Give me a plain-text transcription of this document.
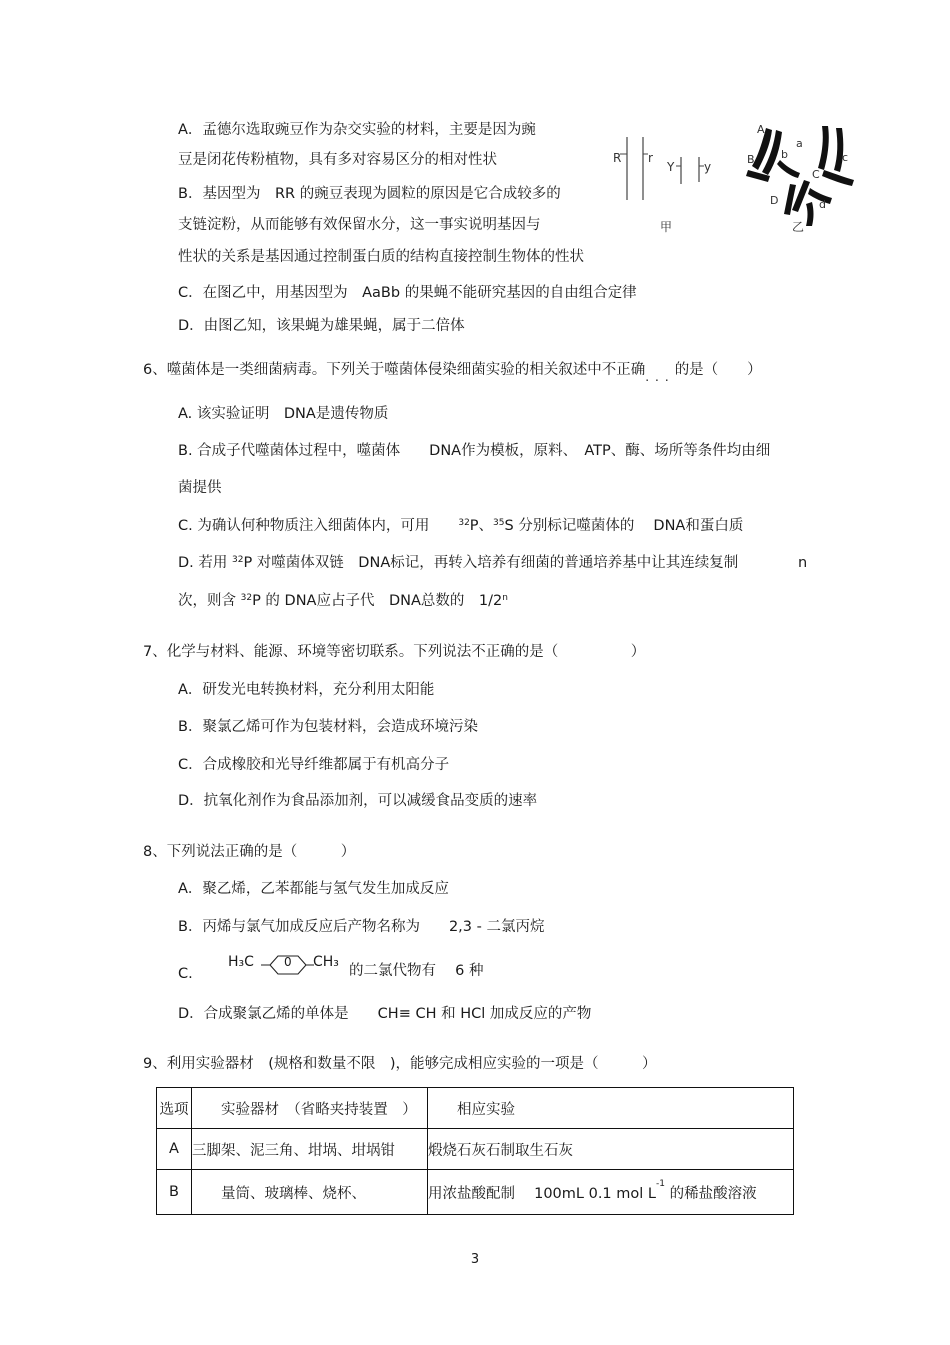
A．孟德尔选取豌豆作为杂交实验的材料，主要是因为豌
豆是闭花传粉植物，具有多对容易区分的相对性状
B．基因型为　RR 的豌豆表现为圆粒的原因是它合成较多的
支链淀粉，从而能够有效保留水分，这一事实说明基因与
性状的关系是基因通过控制蛋白质的结构直接控制生物体的性状
C．在图乙中，用基因型为　AaBb 的果蝇不能研究基因的自由组合定律
D．由图乙知，该果蝇为雄果蝇，属于二倍体
R r
Y y
甲
A
a
B b
C
c
D	d
乙
6、噬菌体是一类细菌病毒。下列关于噬菌体侵染细菌实验的相关叙述中不正确$_{...}$的是（　　）
A. 该实验证明　DNA是遗传物质
B. 合成子代噬菌体过程中，噬菌体　　DNA作为模板，原料、　ATP、酶、场所等条件均由细
菌提供
C. 为确认何种物质注入细菌体内，可用　　$^{32}$P、$^{35}$S 分别标记噬菌体的　 DNA和蛋白质
D. 若用 $^{32}$P 对噬菌体双链　DNA标记，再转入培养有细菌的普通培养基中让其连续复制	n
次，则含 $^{32}$P 的 DNA应占子代　DNA总数的　1/2$^n$
7、化学与材料、能源、环境等密切联系。下列说法不正确的是（　　　　　）
A．研发光电转换材料，充分利用太阳能
B．聚氯乙烯可作为包装材料，会造成环境污染
C．合成橡胶和光导纤维都属于有机高分子
D．抗氧化剂作为食品添加剂，可以减缓食品变质的速率
8、下列说法正确的是（　　　）
A．聚乙烯，乙苯都能与氢气发生加成反应
B．丙烯与氯气加成反应后产物名称为　　2,3 - 二氯丙烷
C.
H₃C	0 CH₃
的二氯代物有　 6 种
D．合成聚氯乙烯的单体是　　CH≡ CH 和 HCl 加成反应的产物
9、利用实验器材　(规格和数量不限　)，能够完成相应实验的一项是（　　　）
选项	　　实验器材　（省略夹持装置　）	　　相应实验
A	三脚架、泥三角、坩埚、坩埚钳	煅烧石灰石制取生石灰
B	　　量筒、玻璃棒、烧杯、	用浓盐酸配制　 100mL 0.1 mol $L^{-1}$ 的稀盐酸溶液
3
